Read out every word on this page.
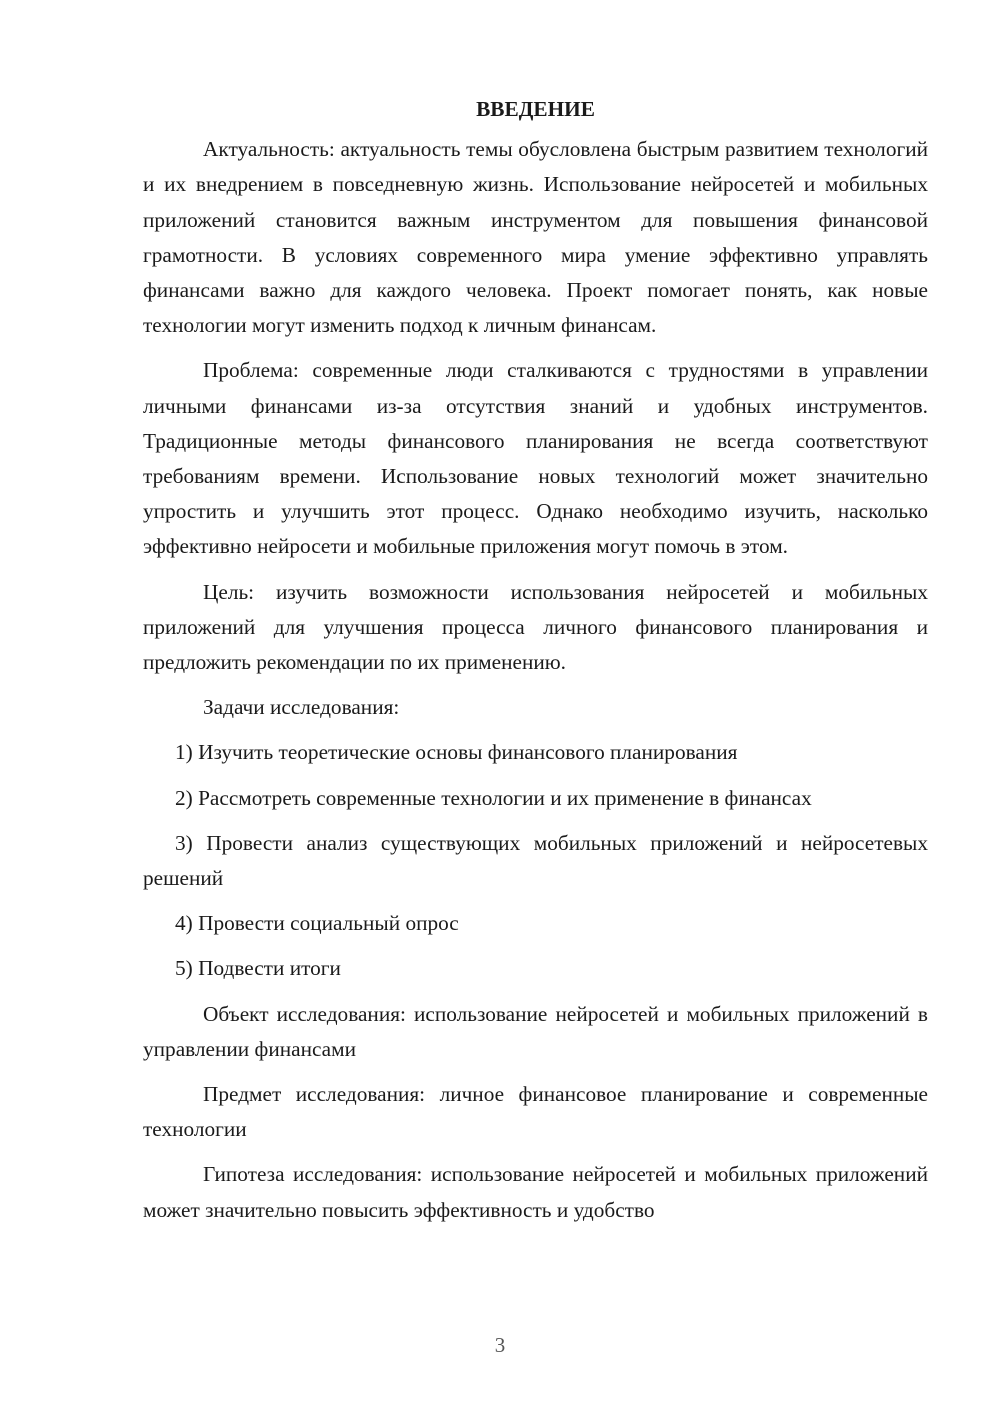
ВВЕДЕНИЕ

Актуальность: актуальность темы обусловлена быстрым развитием технологий и их внедрением в повседневную жизнь. Использование нейросетей и мобильных приложений становится важным инструментом для повышения финансовой грамотности. В условиях современного мира умение эффективно управлять финансами важно для каждого человека. Проект помогает понять, как новые технологии могут изменить подход к личным финансам.

Проблема: современные люди сталкиваются с трудностями в управлении личными финансами из-за отсутствия знаний и удобных инструментов. Традиционные методы финансового планирования не всегда соответствуют требованиям времени. Использование новых технологий может значительно упростить и улучшить этот процесс. Однако необходимо изучить, насколько эффективно нейросети и мобильные приложения могут помочь в этом.

Цель: изучить возможности использования нейросетей и мобильных приложений для улучшения процесса личного финансового планирования и предложить рекомендации по их применению.

Задачи исследования:

1) Изучить теоретические основы финансового планирования

2) Рассмотреть современные технологии и их применение в финансах

3) Провести анализ существующих мобильных приложений и нейросетевых решений

4) Провести социальный опрос

5) Подвести итоги

Объект исследования: использование нейросетей и мобильных приложений в управлении финансами

Предмет исследования: личное финансовое планирование и современные технологии

Гипотеза исследования: использование нейросетей и мобильных приложений может значительно повысить эффективность и удобство

3
